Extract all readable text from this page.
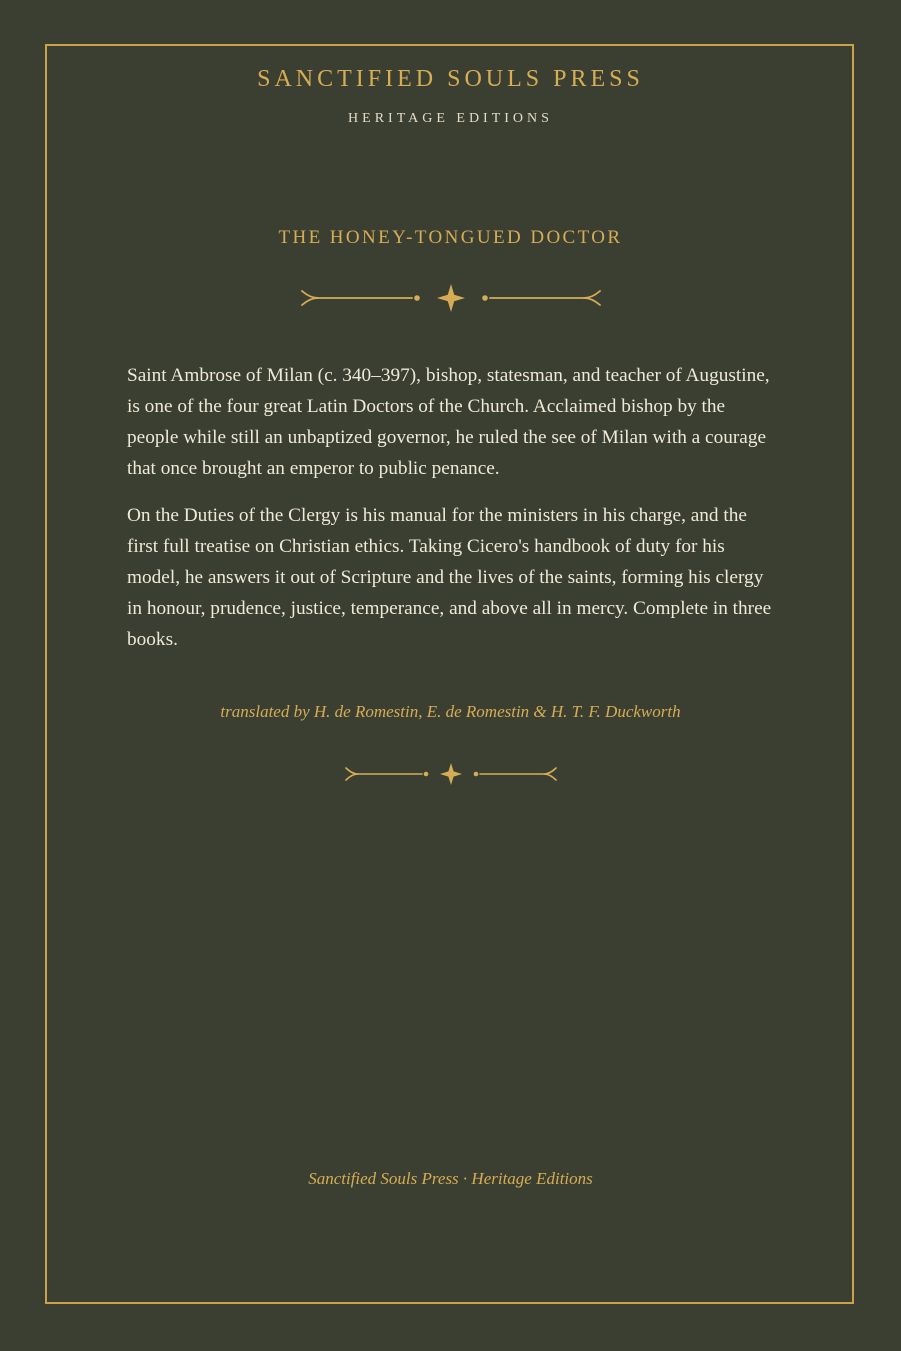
SANCTIFIED SOULS PRESS
HERITAGE EDITIONS
THE HONEY-TONGUED DOCTOR

Saint Ambrose of Milan (c. 340–397), bishop, statesman, and teacher of Augustine, is one of the four great Latin Doctors of the Church. Acclaimed bishop by the people while still an unbaptized governor, he ruled the see of Milan with a courage that once brought an emperor to public penance.

On the Duties of the Clergy is his manual for the ministers in his charge, and the first full treatise on Christian ethics. Taking Cicero's handbook of duty for his model, he answers it out of Scripture and the lives of the saints, forming his clergy in honour, prudence, justice, temperance, and above all in mercy. Complete in three books.

translated by H. de Romestin, E. de Romestin & H. T. F. Duckworth
Sanctified Souls Press · Heritage Editions
